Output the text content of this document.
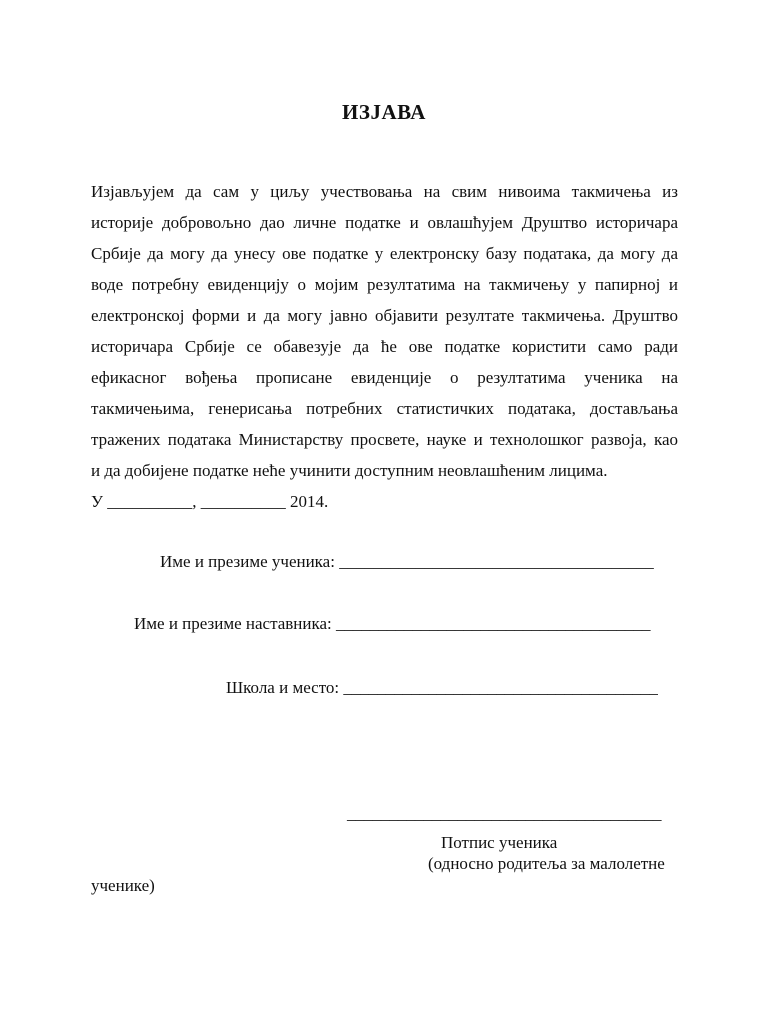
ИЗЈАВА
Изјављујем да сам у циљу учествовања на свим нивоима такмичења из
историје добровољно дао личне податке и овлашћујем Друштво историчара
Србије да могу да унесу ове податке у електронску базу података, да могу да
воде потребну евиденцију о мојим резултатима на такмичењу у папирној и
електронској форми и да могу јавно објавити резултате такмичења. Друштво
историчара Србије се обавезује да ће ове податке користити само ради
ефикасног вођења прописане евиденције о резултатима ученика на
такмичењима, генерисања потребних статистичких података, достављања
тражених података Министарству просвете, науке и технолошког развоја, као
и да добијене податке неће учинити доступним неовлашћеним лицима.
У __________, __________ 2014.
Име и презиме ученика: _____________________________________
Име и презиме наставника: _____________________________________
Школа и место: _____________________________________
_____________________________________
Потпис ученика
(односно родитеља за малолетне
ученике)
